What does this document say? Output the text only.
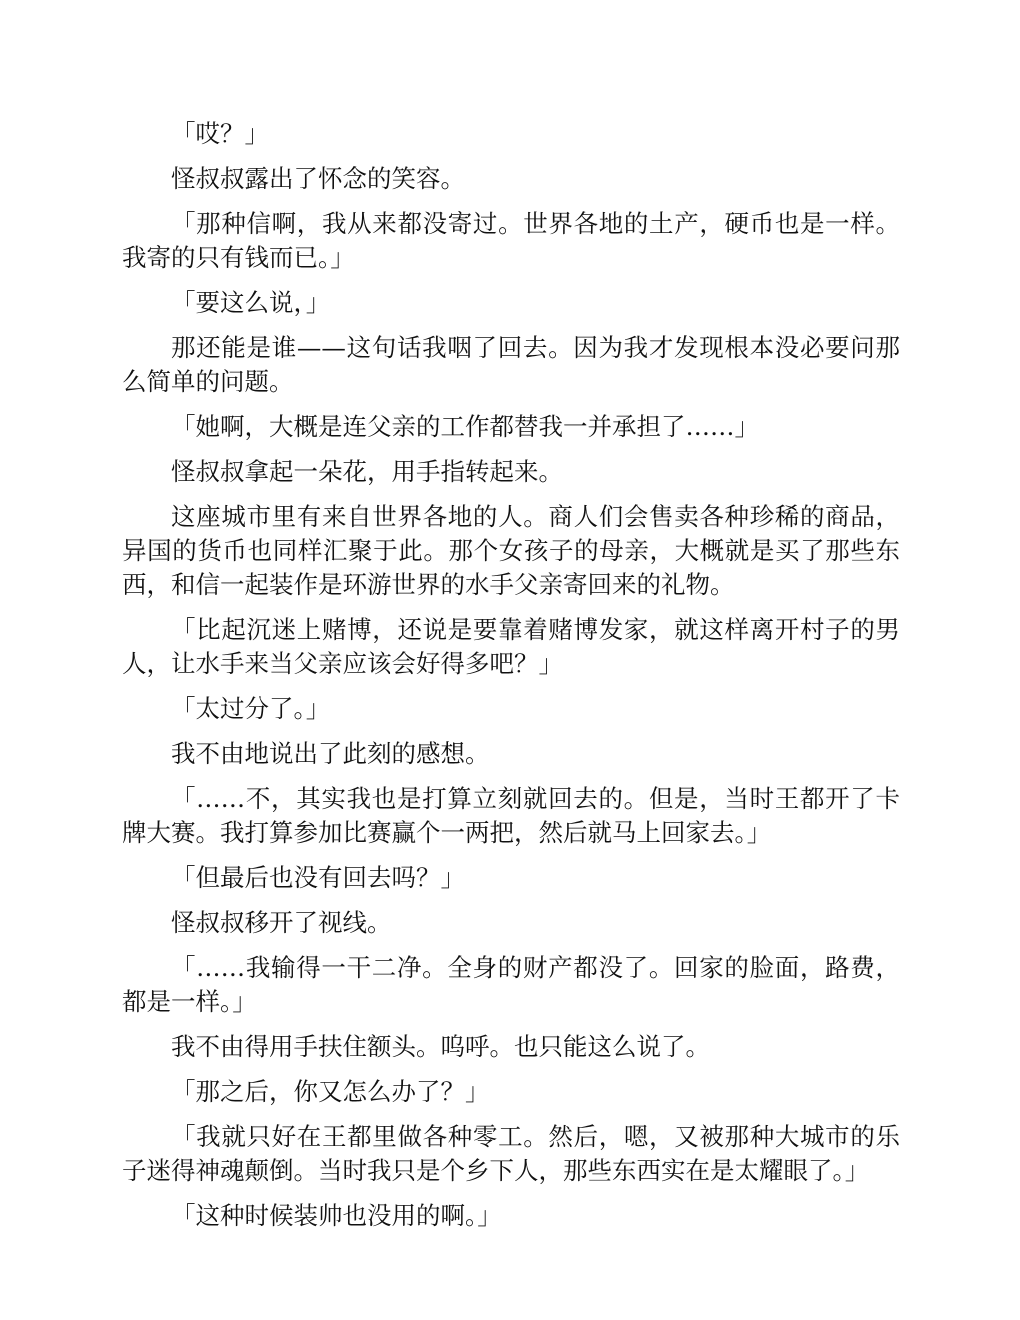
「哎？」

怪叔叔露出了怀念的笑容。

「那种信啊，我从来都没寄过。世界各地的土产，硬币也是一样。我寄的只有钱而已。」

「要这么说，」

那还能是谁——这句话我咽了回去。因为我才发现根本没必要问那么简单的问题。

「她啊，大概是连父亲的工作都替我一并承担了……」

怪叔叔拿起一朵花，用手指转起来。

这座城市里有来自世界各地的人。商人们会售卖各种珍稀的商品，异国的货币也同样汇聚于此。那个女孩子的母亲，大概就是买了那些东西，和信一起装作是环游世界的水手父亲寄回来的礼物。

「比起沉迷上赌博，还说是要靠着赌博发家，就这样离开村子的男人，让水手来当父亲应该会好得多吧？」

「太过分了。」

我不由地说出了此刻的感想。

「……不，其实我也是打算立刻就回去的。但是，当时王都开了卡牌大赛。我打算参加比赛赢个一两把，然后就马上回家去。」

「但最后也没有回去吗？」

怪叔叔移开了视线。

「……我输得一干二净。全身的财产都没了。回家的脸面，路费，都是一样。」

我不由得用手扶住额头。呜呼。也只能这么说了。

「那之后，你又怎么办了？」

「我就只好在王都里做各种零工。然后，嗯，又被那种大城市的乐子迷得神魂颠倒。当时我只是个乡下人，那些东西实在是太耀眼了。」

「这种时候装帅也没用的啊。」
